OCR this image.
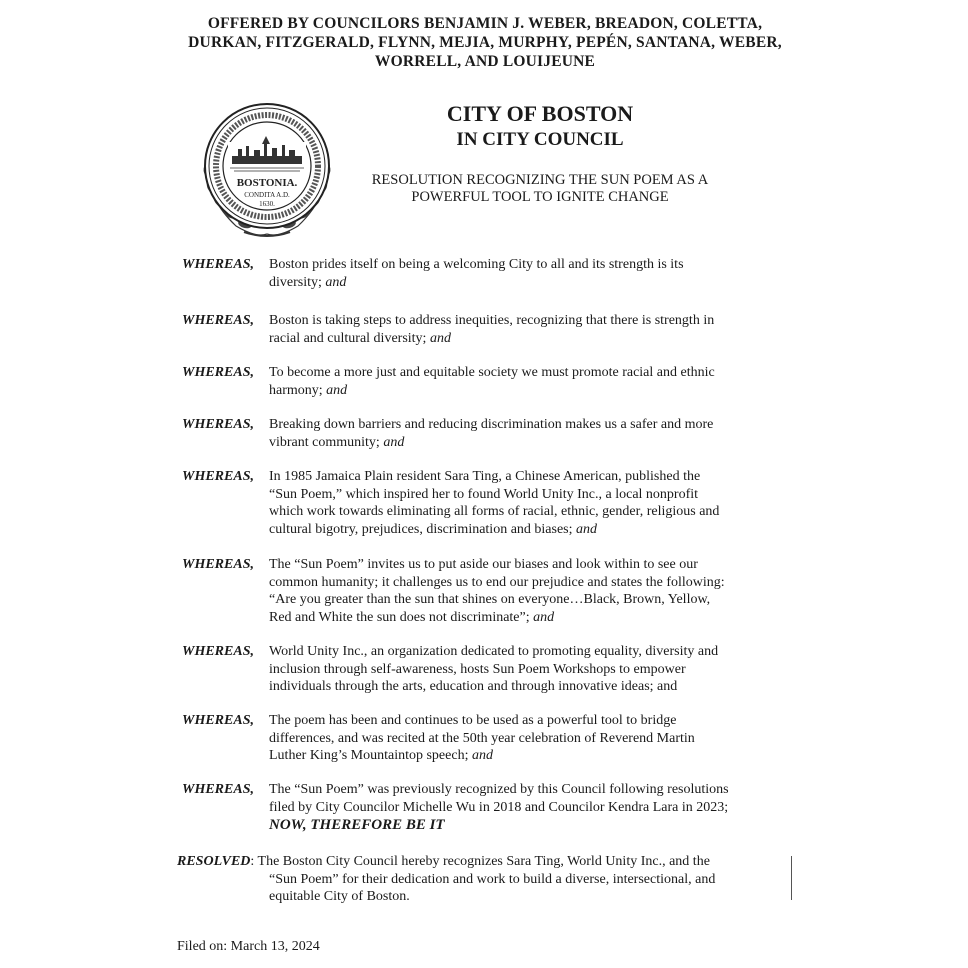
OFFERED BY COUNCILORS BENJAMIN J. WEBER, BREADON, COLETTA,
DURKAN, FITZGERALD, FLYNN, MEJIA, MURPHY, PEPÉN, SANTANA, WEBER,
WORRELL, AND LOUIJEUNE
BOSTONIA.
CONDITA A.D.
1630.
CITY OF BOSTON
IN CITY COUNCIL
RESOLUTION RECOGNIZING THE SUN POEM AS A
POWERFUL TOOL TO IGNITE CHANGE
WHEREAS, Boston prides itself on being a welcoming City to all and its strength is its
diversity; and
WHEREAS, Boston is taking steps to address inequities, recognizing that there is strength in
racial and cultural diversity; and
WHEREAS, To become a more just and equitable society we must promote racial and ethnic
harmony; and
WHEREAS, Breaking down barriers and reducing discrimination makes us a safer and more
vibrant community; and
WHEREAS, In 1985 Jamaica Plain resident Sara Ting, a Chinese American, published the
“Sun Poem,” which inspired her to found World Unity Inc., a local nonprofit
which work towards eliminating all forms of racial, ethnic, gender, religious and
cultural bigotry, prejudices, discrimination and biases; and
WHEREAS, The “Sun Poem” invites us to put aside our biases and look within to see our
common humanity; it challenges us to end our prejudice and states the following:
“Are you greater than the sun that shines on everyone…Black, Brown, Yellow,
Red and White the sun does not discriminate”; and
WHEREAS, World Unity Inc., an organization dedicated to promoting equality, diversity and
inclusion through self-awareness, hosts Sun Poem Workshops to empower
individuals through the arts, education and through innovative ideas; and
WHEREAS, The poem has been and continues to be used as a powerful tool to bridge
differences, and was recited at the 50th year celebration of Reverend Martin
Luther King’s Mountaintop speech; and
WHEREAS, The “Sun Poem” was previously recognized by this Council following resolutions
filed by City Councilor Michelle Wu in 2018 and Councilor Kendra Lara in 2023;
NOW, THEREFORE BE IT
RESOLVED: The Boston City Council hereby recognizes Sara Ting, World Unity Inc., and the
“Sun Poem” for their dedication and work to build a diverse, intersectional, and
equitable City of Boston.
Filed on: March 13, 2024
